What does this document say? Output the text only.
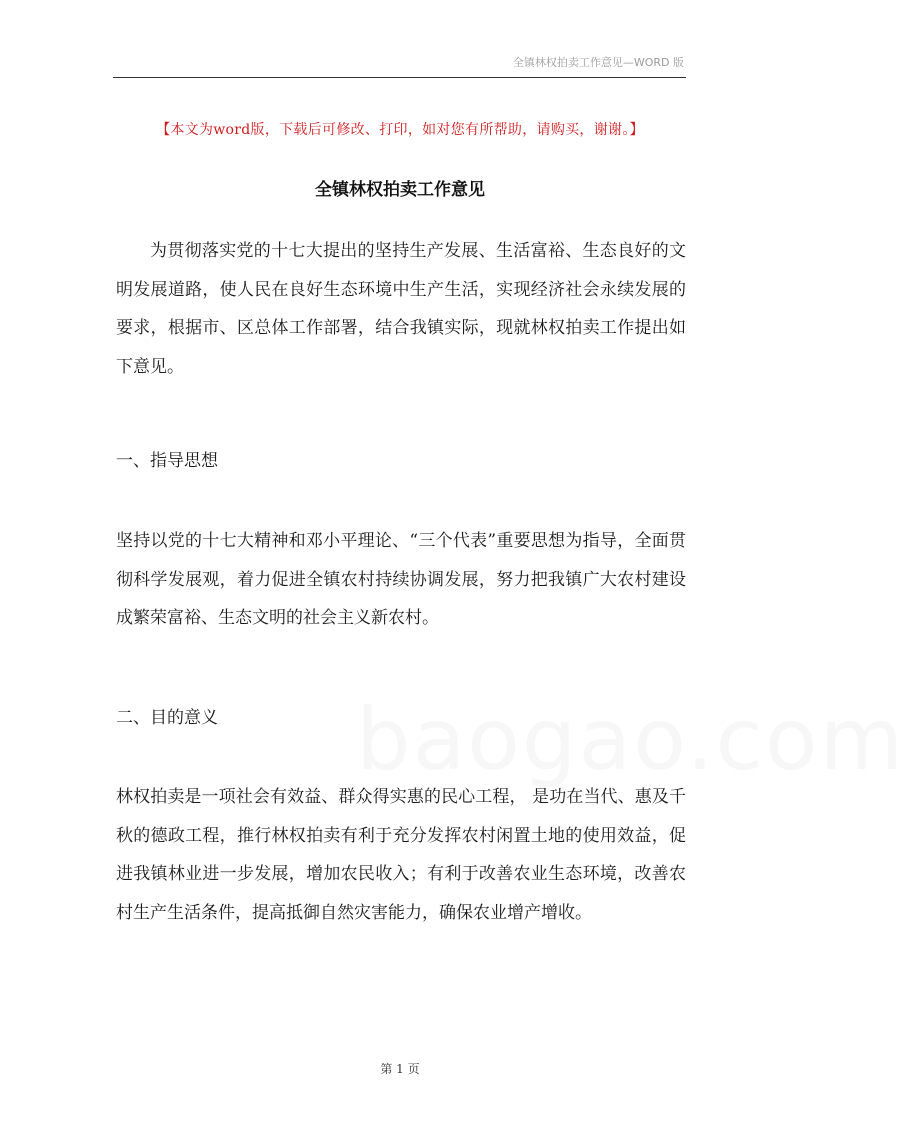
全镇林权拍卖工作意见—WORD 版
【本文为word版，下载后可修改、打印，如对您有所帮助，请购买，谢谢。】
全镇林权拍卖工作意见

为贯彻落实党的十七大提出的坚持生产发展、生活富裕、生态良好的文明发展道路，使人民在良好生态环境中生产生活，实现经济社会永续发展的要求，根据市、区总体工作部署，结合我镇实际，现就林权拍卖工作提出如下意见。

一、指导思想

坚持以党的十七大精神和邓小平理论、“三个代表”重要思想为指导，全面贯彻科学发展观，着力促进全镇农村持续协调发展，努力把我镇广大农村建设成繁荣富裕、生态文明的社会主义新农村。

二、目的意义

林权拍卖是一项社会有效益、群众得实惠的民心工程， 是功在当代、惠及千秋的德政工程，推行林权拍卖有利于充分发挥农村闲置土地的使用效益，促进我镇林业进一步发展，增加农民收入；有利于改善农业生态环境，改善农村生产生活条件，提高抵御自然灾害能力，确保农业增产增收。

baogao.com
第 1 页
